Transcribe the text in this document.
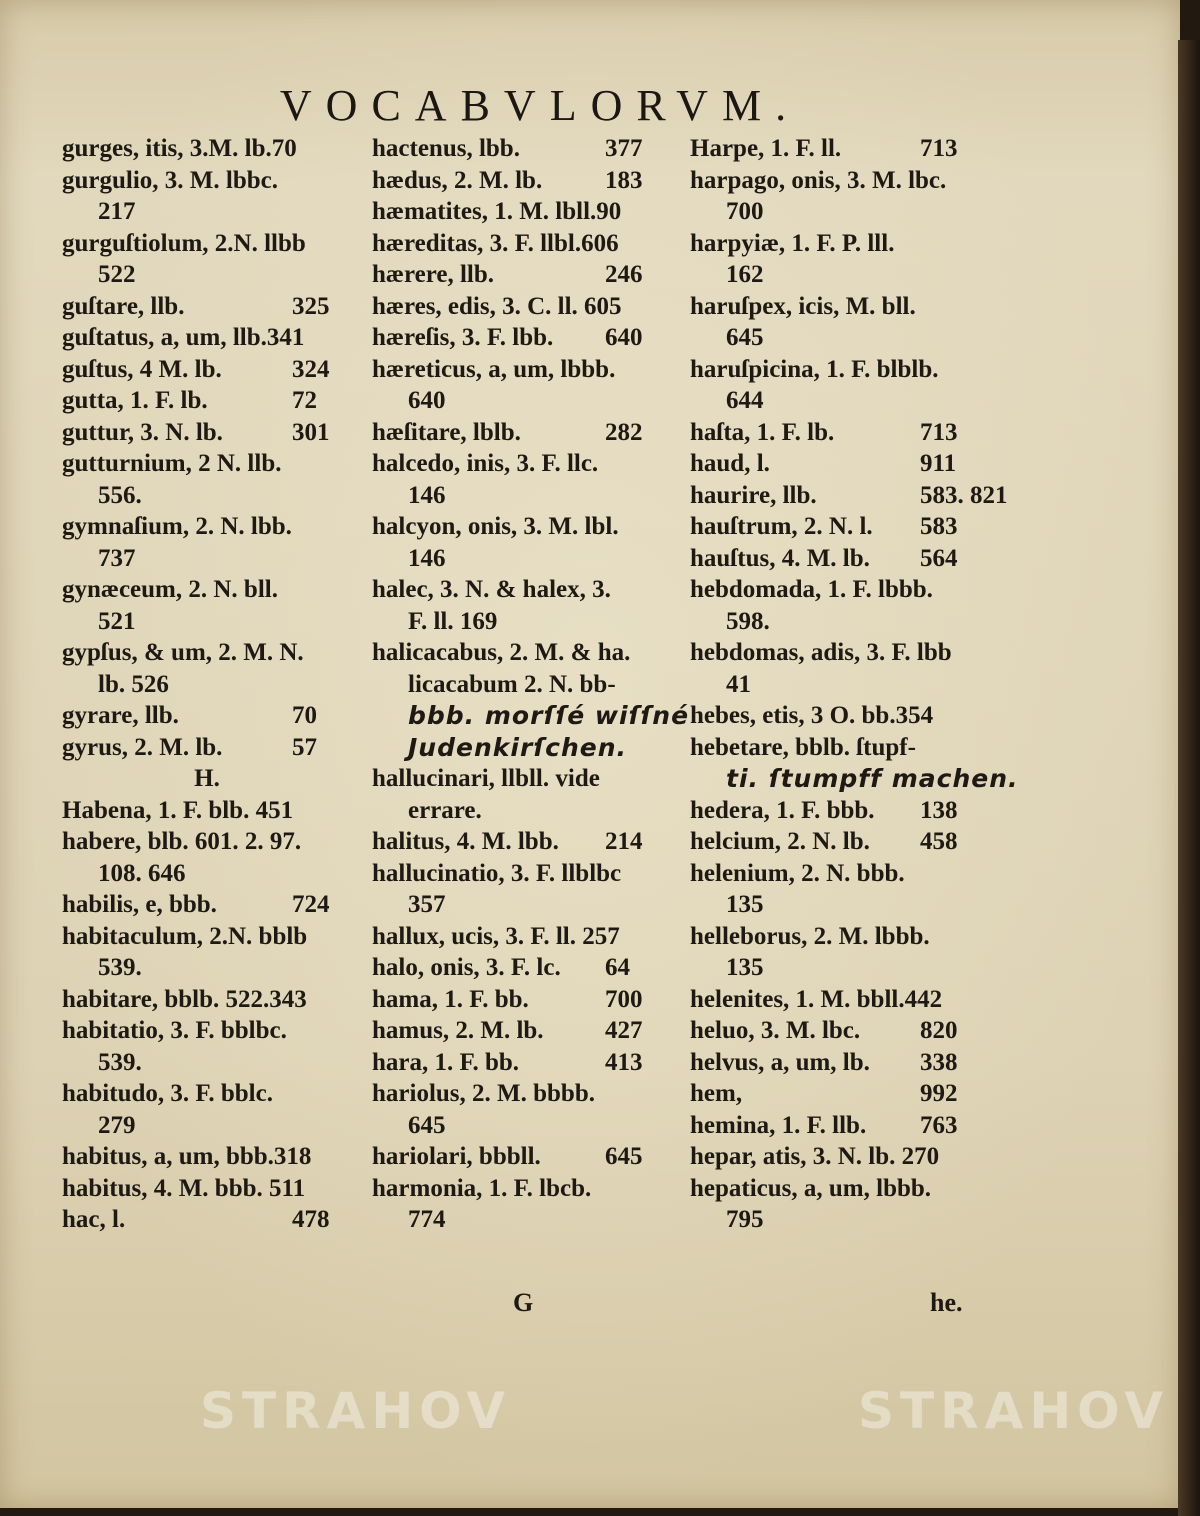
VOCABVLORVM.
gurges, itis, 3.M. lb.70
gurgulio, 3. M. lbbc.
217
gurguſtiolum, 2.N. llbb
522
guſtare, llb.	325
guſtatus, a, um, llb.341
guſtus, 4 M. lb.	324
gutta, 1. F. lb.	72
guttur, 3. N. lb.	301
gutturnium, 2 N. llb.
556.
gymnaſium, 2. N. lbb.
737
gynæceum, 2. N. bll.
521
gypſus, & um, 2. M. N.
lb. 526
gyrare, llb.	70
gyrus, 2. M. lb.	57
H.
Habena, 1. F. blb. 451
habere, blb. 601. 2. 97.
108. 646
habilis, e, bbb.	724
habitaculum, 2.N. bblb
539.
habitare, bblb. 522.343
habitatio, 3. F. bblbc.
539.
habitudo, 3. F. bblc.
279
habitus, a, um, bbb.318
habitus, 4. M. bbb. 511
hac, l.	478
hactenus, lbb.	377
hædus, 2. M. lb.	183
hæmatites, 1. M. lbll.90
hæreditas, 3. F. llbl.606
hærere, llb.	246
hæres, edis, 3. C. ll. 605
hæreſis, 3. F. lbb. 640
hæreticus, a, um, lbbb.
640
hæſitare, lblb.	282
halcedo, inis, 3. F. llc.
146
halcyon, onis, 3. M. lbl.
146
halec, 3. N. & halex, 3.
F. ll. 169
halicacabus, 2. M. & ha.
licacabum 2. N. bb-
bbb. morſſé wiſſné
Judenkirſchen.
hallucinari, llbll. vide
errare.
halitus, 4. M. lbb. 214
hallucinatio, 3. F. llblbc
357
hallux, ucis, 3. F. ll. 257
halo, onis, 3. F. lc. 64
hama, 1. F. bb.	700
hamus, 2. M. lb. 427
hara, 1. F. bb.	413
hariolus, 2. M. bbbb.
645
hariolari, bbbll.	645
harmonia, 1. F. lbcb.
774
Harpe, 1. F. ll.	713
harpago, onis, 3. M. lbc.
700
harpyiæ, 1. F. P. lll.
162
haruſpex, icis, M. bll.
645
haruſpicina, 1. F. blblb.
644
haſta, 1. F. lb.	713
haud, l.	911
haurire, llb.	583. 821
hauſtrum, 2. N. l. 583
hauſtus, 4. M. lb. 564
hebdomada, 1. F. lbbb.
598.
hebdomas, adis, 3. F. lbb
41
hebes, etis, 3 O. bb.354
hebetare, bblb. ſtupf-
ti. ſtumpff machen.
hedera, 1. F. bbb. 138
helcium, 2. N. lb. 458
helenium, 2. N. bbb.
135
helleborus, 2. M. lbbb.
135
helenites, 1. M. bbll.442
heluo, 3. M. lbc. 820
helvus, a, um, lb. 338
hem,	992
hemina, 1. F. llb. 763
hepar, atis, 3. N. lb. 270
hepaticus, a, um, lbbb.
795
G	he.
STRAHOV	STRAHOV
